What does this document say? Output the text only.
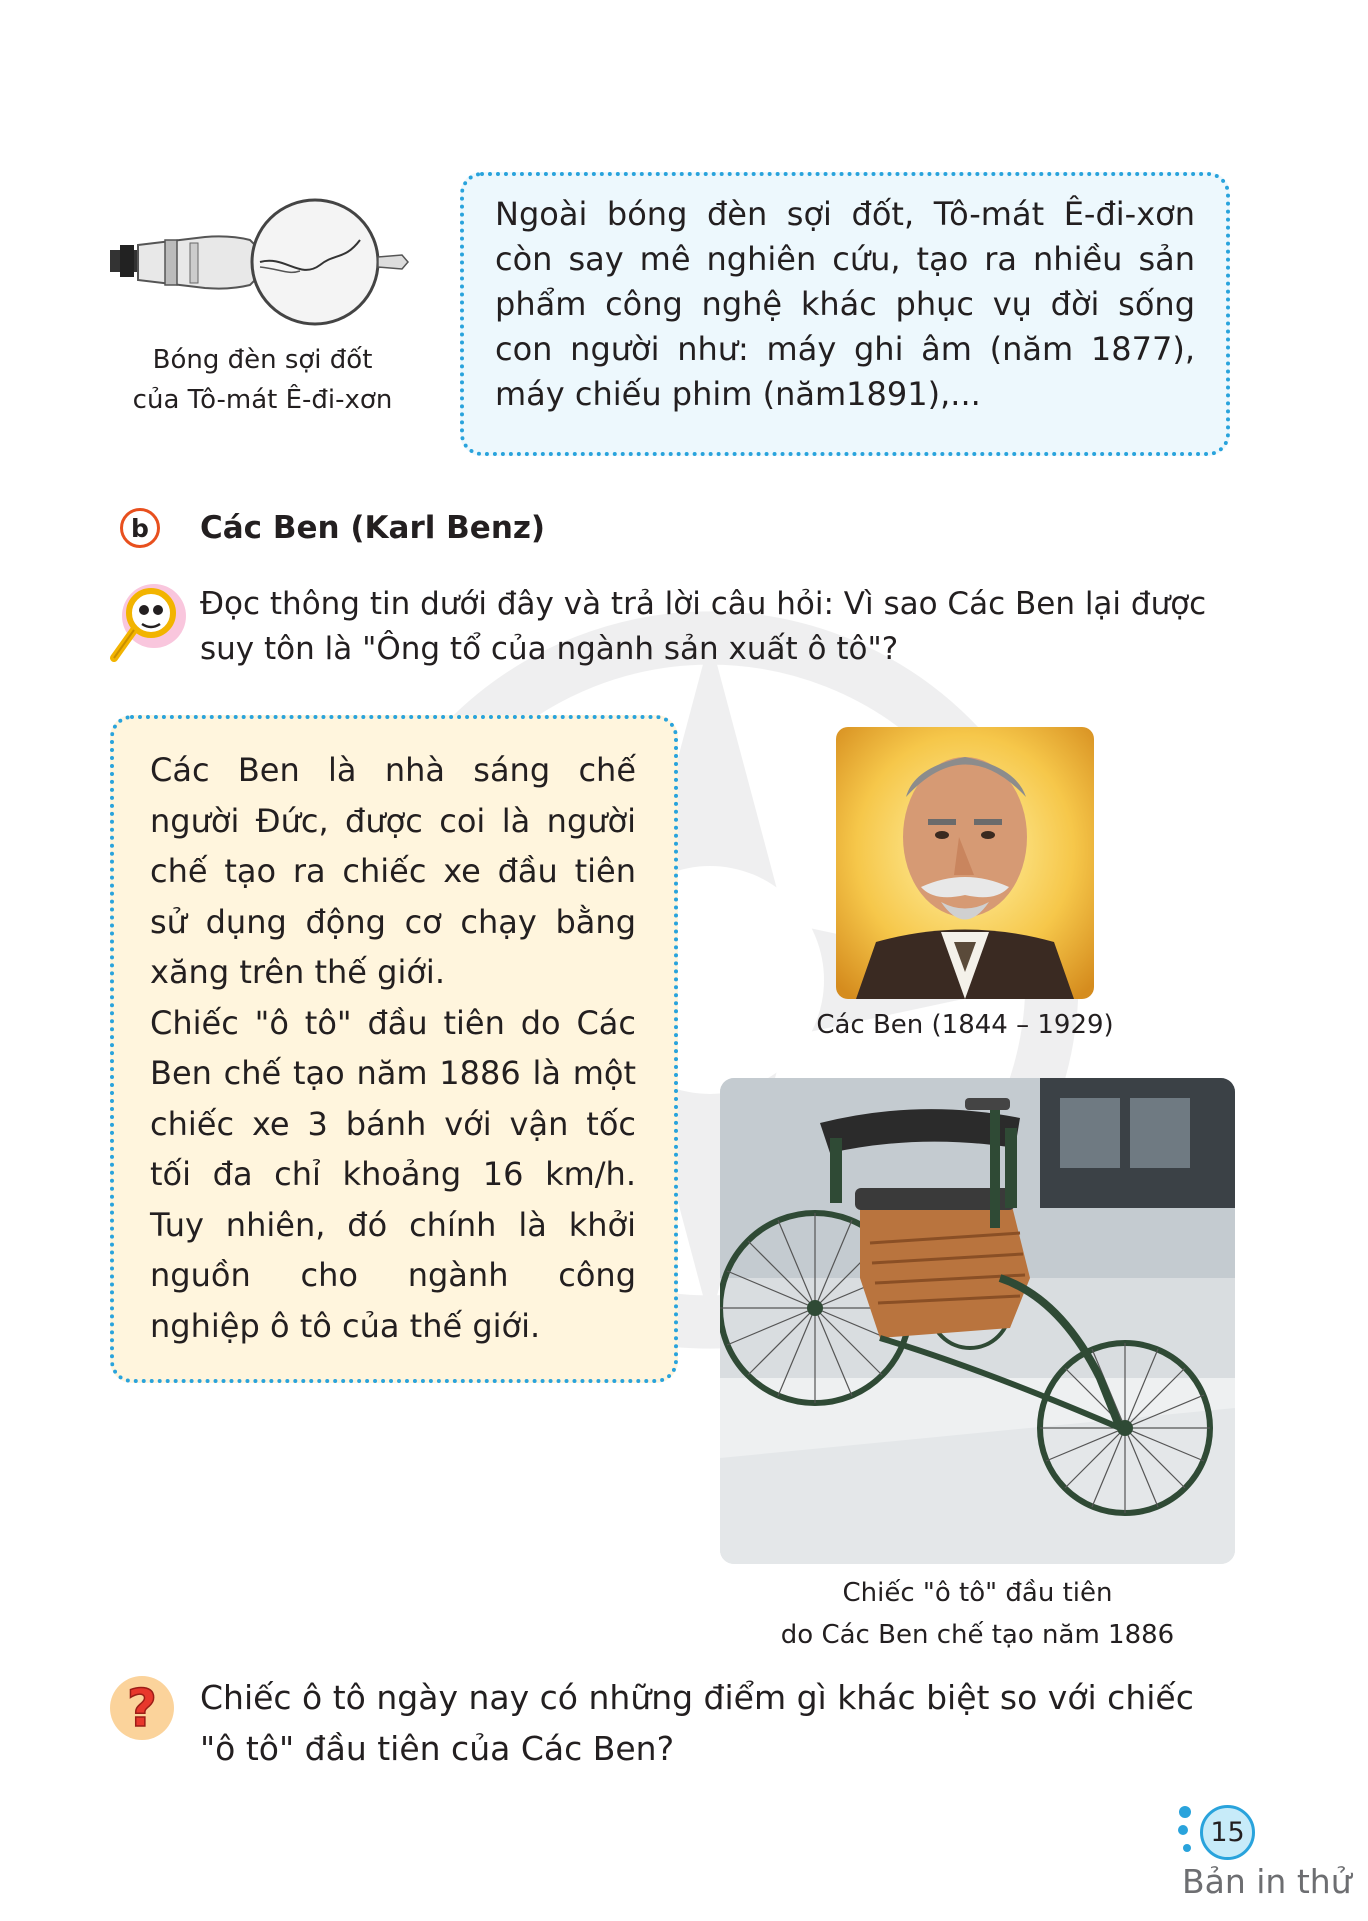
Bóng đèn sợi đốt
của Tô-mát Ê-đi-xơn
Ngoài bóng đèn sợi đốt, Tô-mát Ê-đi-xơn
còn say mê nghiên cứu, tạo ra nhiều sản
phẩm công nghệ khác phục vụ đời sống
con người như: máy ghi âm (năm 1877),
máy chiếu phim (năm1891),...
b	Các Ben (Karl Benz)
Đọc thông tin dưới đây và trả lời câu hỏi: Vì sao Các Ben lại được
suy tôn là "Ông tổ của ngành sản xuất ô tô"?

Các Ben là nhà sáng chế người Đức, được coi là người chế tạo ra chiếc xe đầu tiên sử dụng động cơ chạy bằng xăng trên thế giới.

Chiếc "ô tô" đầu tiên do Các Ben chế tạo năm 1886 là một chiếc xe 3 bánh với vận tốc tối đa chỉ khoảng 16 km/h. Tuy nhiên, đó chính là khởi nguồn cho ngành công nghiệp ô tô của thế giới.

Các Ben (1844 – 1929)
Chiếc "ô tô" đầu tiên
do Các Ben chế tạo năm 1886
? Chiếc ô tô ngày nay có những điểm gì khác biệt so với chiếc
"ô tô" đầu tiên của Các Ben?
15
Bản in thử
